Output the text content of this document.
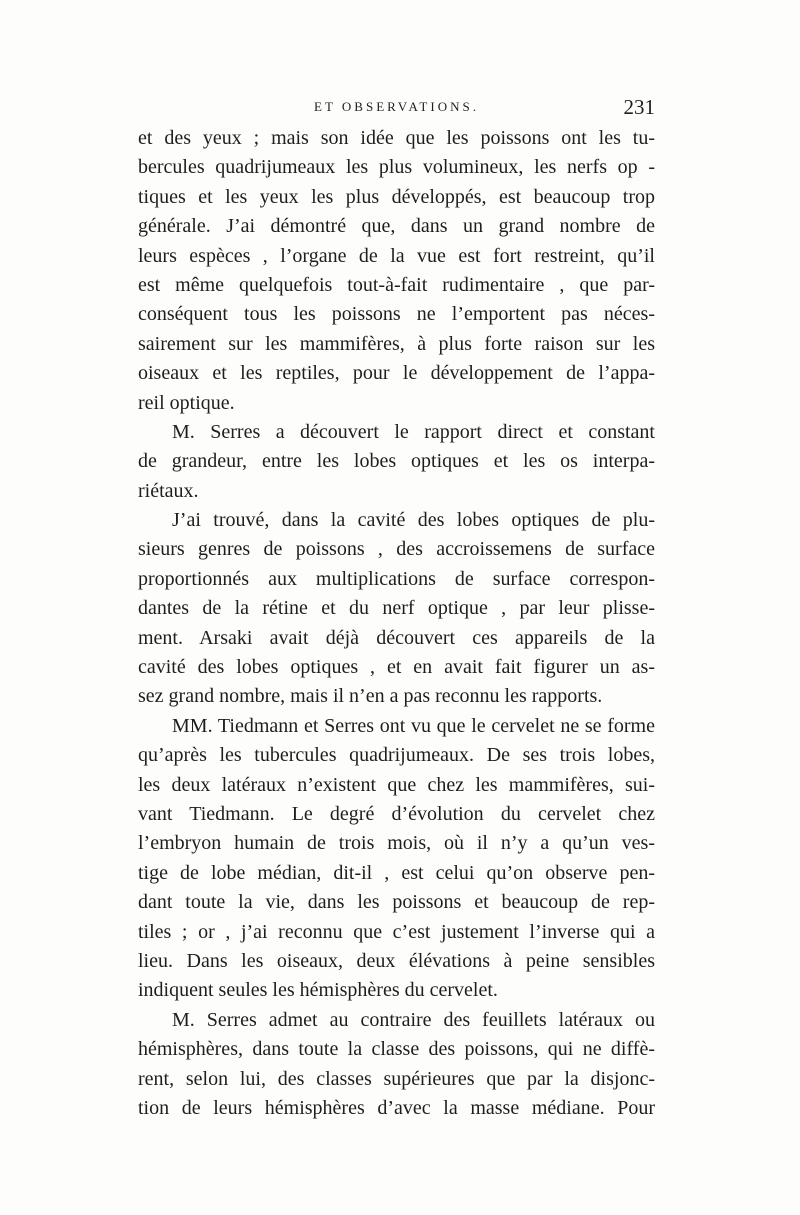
ET OBSERVATIONS.	231
et des yeux ; mais son idée que les poissons ont les tu-
bercules quadrijumeaux les plus volumineux, les nerfs op -
tiques et les yeux les plus développés, est beaucoup trop
générale. J’ai démontré que, dans un grand nombre de
leurs espèces , l’organe de la vue est fort restreint, qu’il
est même quelquefois tout-à-fait rudimentaire , que par-
conséquent tous les poissons ne l’emportent pas néces-
sairement sur les mammifères, à plus forte raison sur les
oiseaux et les reptiles, pour le développement de l’appa-
reil optique.
M. Serres a découvert le rapport direct et constant
de grandeur, entre les lobes optiques et les os interpa-
riétaux.
J’ai trouvé, dans la cavité des lobes optiques de plu-
sieurs genres de poissons , des accroissemens de surface
proportionnés aux multiplications de surface correspon-
dantes de la rétine et du nerf optique , par leur plisse-
ment. Arsaki avait déjà découvert ces appareils de la
cavité des lobes optiques , et en avait fait figurer un as-
sez grand nombre, mais il n’en a pas reconnu les rapports.
MM. Tiedmann et Serres ont vu que le cervelet ne se forme
qu’après les tubercules quadrijumeaux. De ses trois lobes,
les deux latéraux n’existent que chez les mammifères, sui-
vant Tiedmann. Le degré d’évolution du cervelet chez
l’embryon humain de trois mois, où il n’y a qu’un ves-
tige de lobe médian, dit-il , est celui qu’on observe pen-
dant toute la vie, dans les poissons et beaucoup de rep-
tiles ; or , j’ai reconnu que c’est justement l’inverse qui a
lieu. Dans les oiseaux, deux élévations à peine sensibles
indiquent seules les hémisphères du cervelet.
M. Serres admet au contraire des feuillets latéraux ou
hémisphères, dans toute la classe des poissons, qui ne diffè-
rent, selon lui, des classes supérieures que par la disjonc-
tion de leurs hémisphères d’avec la masse médiane. Pour
